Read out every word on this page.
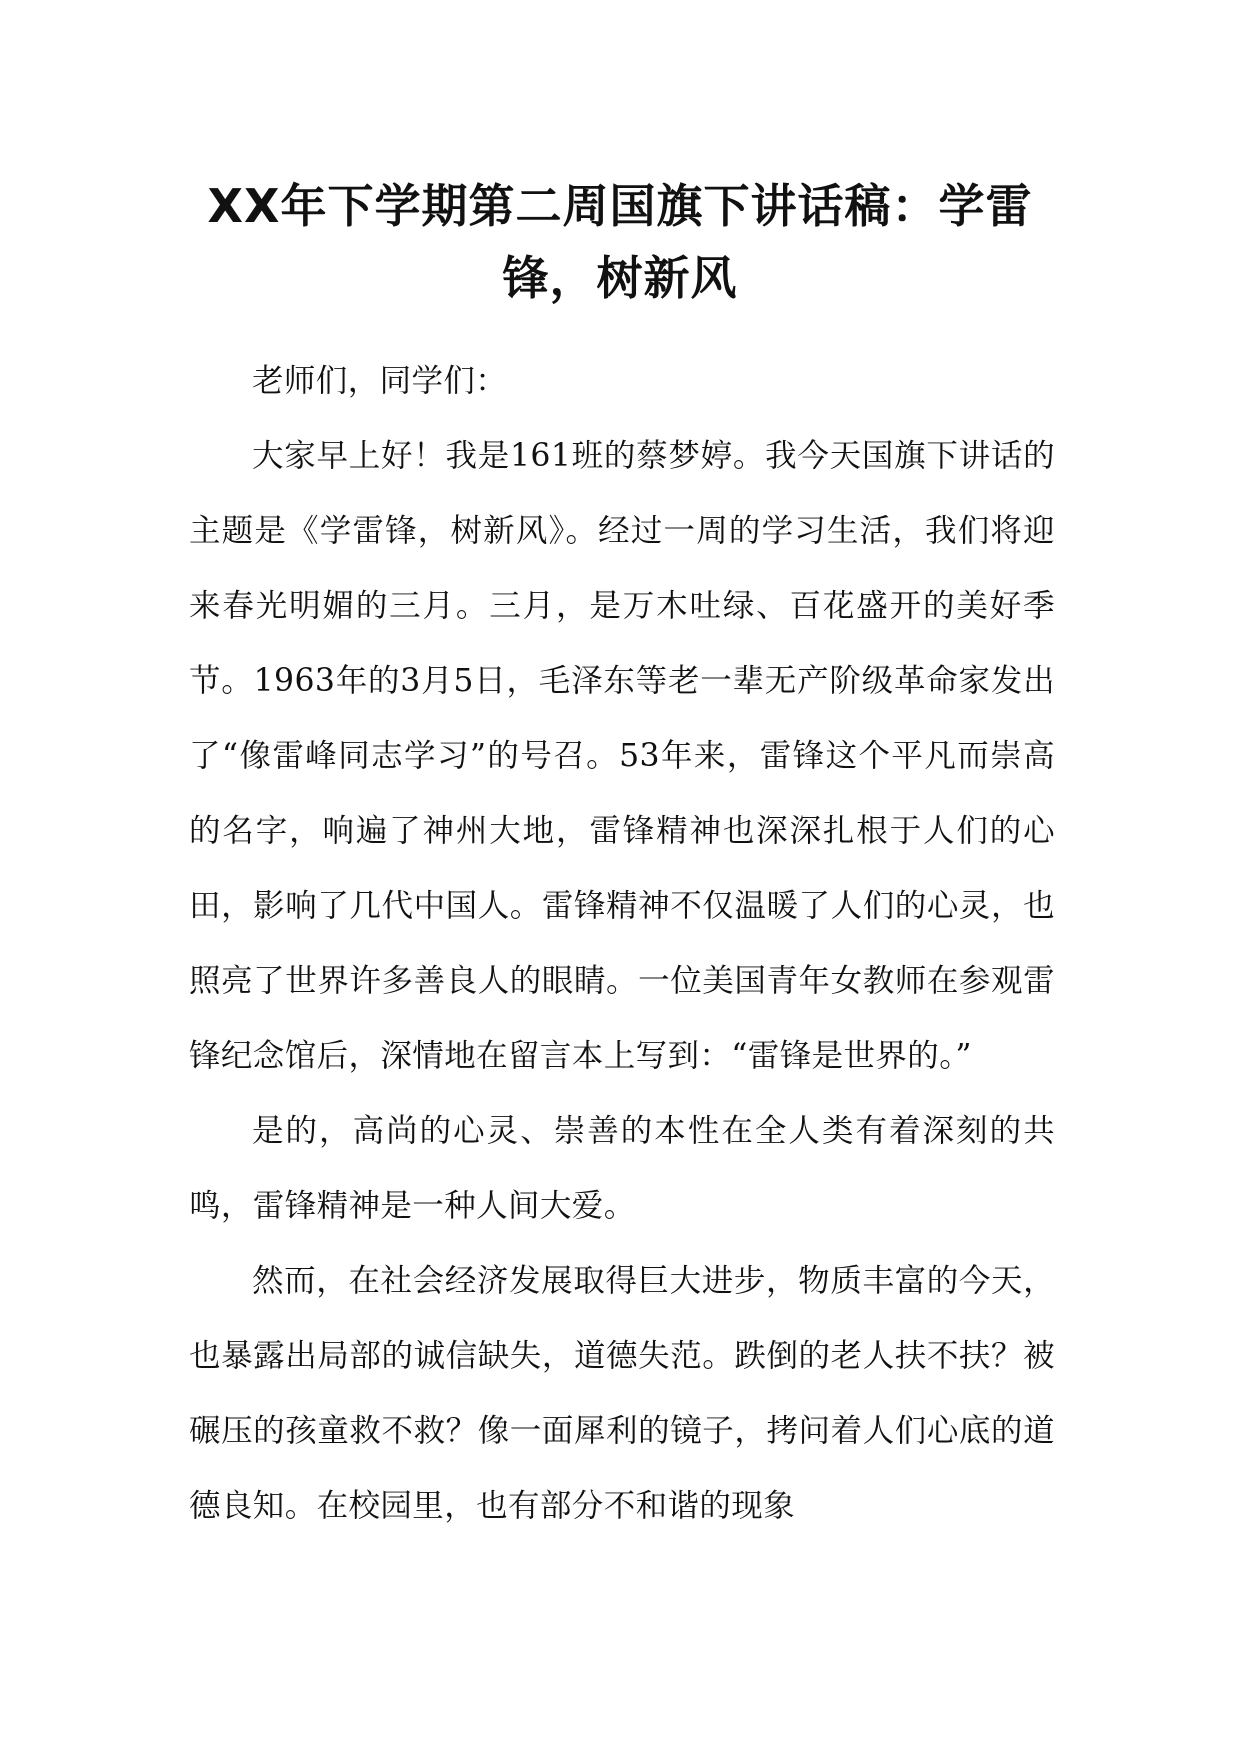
XX年下学期第二周国旗下讲话稿：学雷锋，树新风

老师们，同学们：

大家早上好！我是161班的蔡梦婷。我今天国旗下讲话的主题是《学雷锋，树新风》。经过一周的学习生活，我们将迎来春光明媚的三月。三月，是万木吐绿、百花盛开的美好季节。1963年的3月5日，毛泽东等老一辈无产阶级革命家发出了“像雷峰同志学习”的号召。53年来，雷锋这个平凡而崇高的名字，响遍了神州大地，雷锋精神也深深扎根于人们的心田，影响了几代中国人。雷锋精神不仅温暖了人们的心灵，也照亮了世界许多善良人的眼睛。一位美国青年女教师在参观雷锋纪念馆后，深情地在留言本上写到：“雷锋是世界的。”

是的，高尚的心灵、崇善的本性在全人类有着深刻的共鸣，雷锋精神是一种人间大爱。

然而，在社会经济发展取得巨大进步，物质丰富的今天，也暴露出局部的诚信缺失，道德失范。跌倒的老人扶不扶？被碾压的孩童救不救？像一面犀利的镜子，拷问着人们心底的道德良知。在校园里，也有部分不和谐的现象
